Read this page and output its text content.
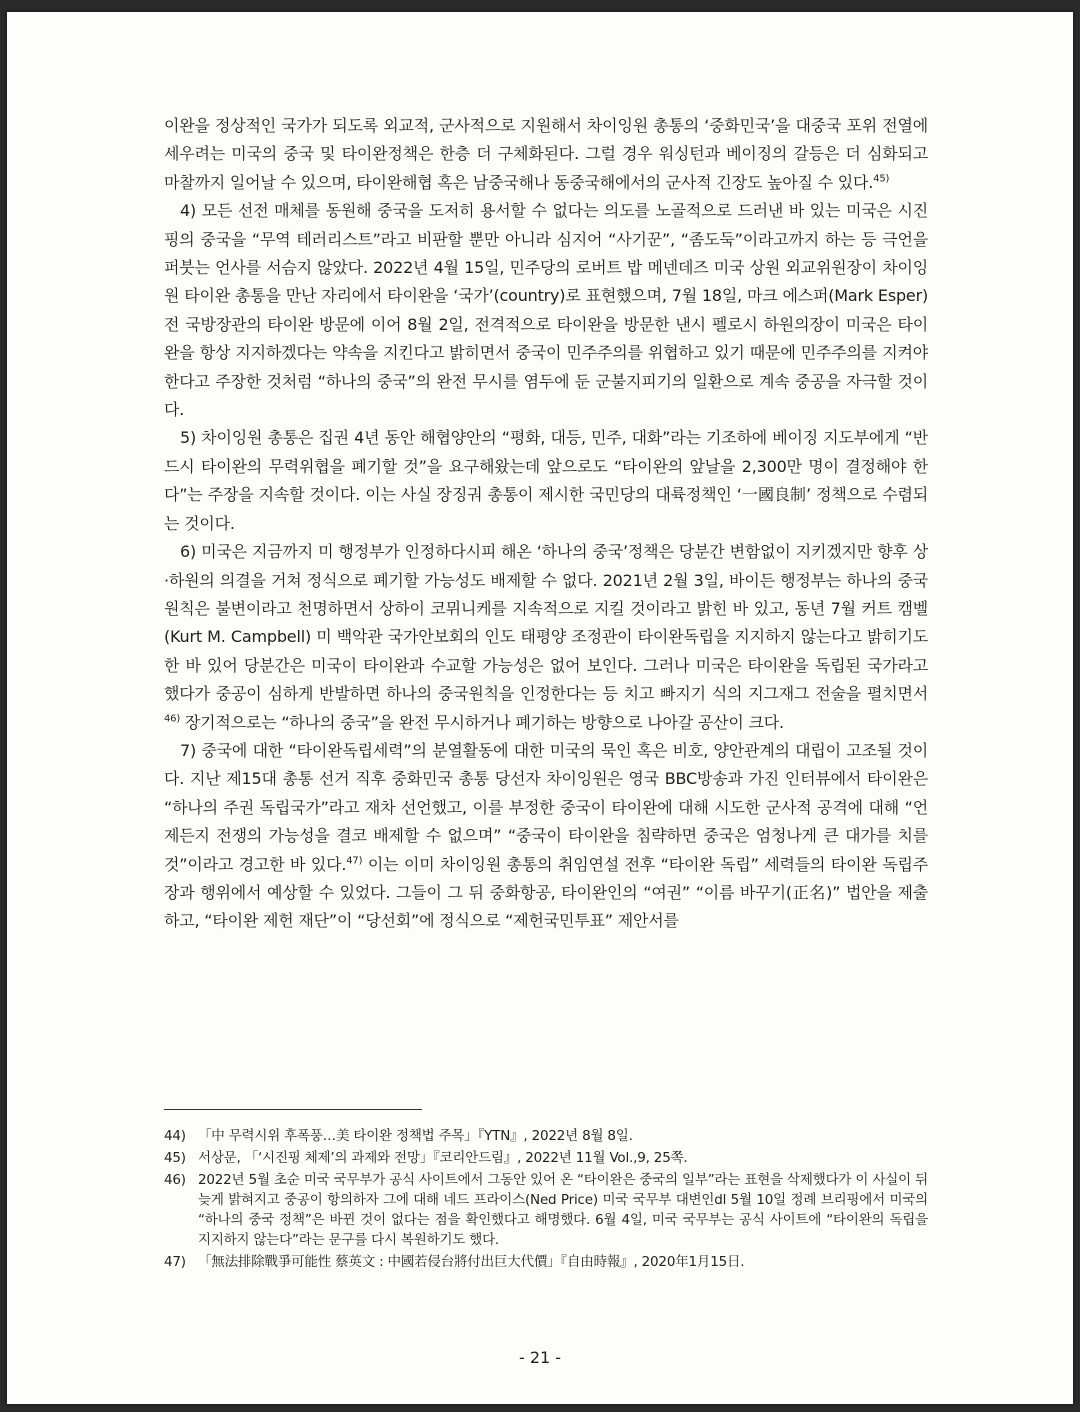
이완을 정상적인 국가가 되도록 외교적, 군사적으로 지원해서 차이잉원 총통의 ‘중화민국’을 대중국 포위 전열에 세우려는 미국의 중국 및 타이완정책은 한층 더 구체화된다. 그럴 경우 워싱턴과 베이징의 갈등은 더 심화되고 마찰까지 일어날 수 있으며, 타이완해협 혹은 남중국해나 동중국해에서의 군사적 긴장도 높아질 수 있다.$^{45)}$

4) 모든 선전 매체를 동원해 중국을 도저히 용서할 수 없다는 의도를 노골적으로 드러낸 바 있는 미국은 시진핑의 중국을 “무역 테러리스트”라고 비판할 뿐만 아니라 심지어 “사기꾼”, “좀도둑”이라고까지 하는 등 극언을 퍼붓는 언사를 서슴지 않았다. 2022년 4월 15일, 민주당의 로버트 밥 메넨데즈 미국 상원 외교위원장이 차이잉원 타이완 총통을 만난 자리에서 타이완을 ‘국가’(country)로 표현했으며, 7월 18일, 마크 에스퍼(Mark Esper) 전 국방장관의 타이완 방문에 이어 8월 2일, 전격적으로 타이완을 방문한 낸시 펠로시 하원의장이 미국은 타이완을 항상 지지하겠다는 약속을 지킨다고 밝히면서 중국이 민주주의를 위협하고 있기 때문에 민주주의를 지켜야 한다고 주장한 것처럼 “하나의 중국”의 완전 무시를 염두에 둔 군불지피기의 일환으로 계속 중공을 자극할 것이다.

5) 차이잉원 총통은 집권 4년 동안 해협양안의 “평화, 대등, 민주, 대화”라는 기조하에 베이징 지도부에게 “반드시 타이완의 무력위협을 폐기할 것”을 요구해왔는데 앞으로도 “타이완의 앞날을 2,300만 명이 결정해야 한다”는 주장을 지속할 것이다. 이는 사실 장징궈 총통이 제시한 국민당의 대륙정책인 ‘一國良制’ 정책으로 수렴되는 것이다.

6) 미국은 지금까지 미 행정부가 인정하다시피 해온 ‘하나의 중국’정책은 당분간 변함없이 지키겠지만 향후 상·하원의 의결을 거쳐 정식으로 폐기할 가능성도 배제할 수 없다. 2021년 2월 3일, 바이든 행정부는 하나의 중국 원칙은 불변이라고 천명하면서 상하이 코뮈니케를 지속적으로 지킬 것이라고 밝힌 바 있고, 동년 7월 커트 캠벨(Kurt M. Campbell) 미 백악관 국가안보회의 인도 태평양 조정관이 타이완독립을 지지하지 않는다고 밝히기도 한 바 있어 당분간은 미국이 타이완과 수교할 가능성은 없어 보인다. 그러나 미국은 타이완을 독립된 국가라고 했다가 중공이 심하게 반발하면 하나의 중국원칙을 인정한다는 등 치고 빠지기 식의 지그재그 전술을 펼치면서$^{46)}$ 장기적으로는 “하나의 중국”을 완전 무시하거나 폐기하는 방향으로 나아갈 공산이 크다.

7) 중국에 대한 “타이완독립세력”의 분열활동에 대한 미국의 묵인 혹은 비호, 양안관계의 대립이 고조될 것이다. 지난 제15대 총통 선거 직후 중화민국 총통 당선자 차이잉원은 영국 BBC방송과 가진 인터뷰에서 타이완은 “하나의 주권 독립국가”라고 재차 선언했고, 이를 부정한 중국이 타이완에 대해 시도한 군사적 공격에 대해 “언제든지 전쟁의 가능성을 결코 배제할 수 없으며” “중국이 타이완을 침략하면 중국은 엄청나게 큰 대가를 치를 것”이라고 경고한 바 있다.$^{47)}$ 이는 이미 차이잉원 총통의 취임연설 전후 “타이완 독립” 세력들의 타이완 독립주장과 행위에서 예상할 수 있었다. 그들이 그 뒤 중화항공, 타이완인의 “여권” “이름 바꾸기(正名)” 법안을 제출하고, “타이완 제헌 재단”이 “당선회”에 정식으로 “제헌국민투표” 제안서를

44) 「中 무력시위 후폭풍…美 타이완 정책법 주목」『YTN』, 2022년 8월 8일.
45) 서상문, 「‘시진핑 체제’의 과제와 전망」『코리안드림』, 2022년 11월 Vol.,9, 25쪽.
46) 2022년 5월 초순 미국 국무부가 공식 사이트에서 그동안 있어 온 “타이완은 중국의 일부”라는 표현을 삭제했다가 이 사실이 뒤늦게 밝혀지고 중공이 항의하자 그에 대해 네드 프라이스(Ned Price) 미국 국무부 대변인dl 5월 10일 정례 브리핑에서 미국의 “하나의 중국 정책”은 바뀐 것이 없다는 점을 확인했다고 해명했다. 6월 4일, 미국 국무부는 공식 사이트에 “타이완의 독립을 지지하지 않는다”라는 문구를 다시 복원하기도 했다.
47) 「無法排除戰爭可能性 蔡英文 : 中國若侵台將付出巨大代價」『自由時報』, 2020年1月15日.
- 21 -
